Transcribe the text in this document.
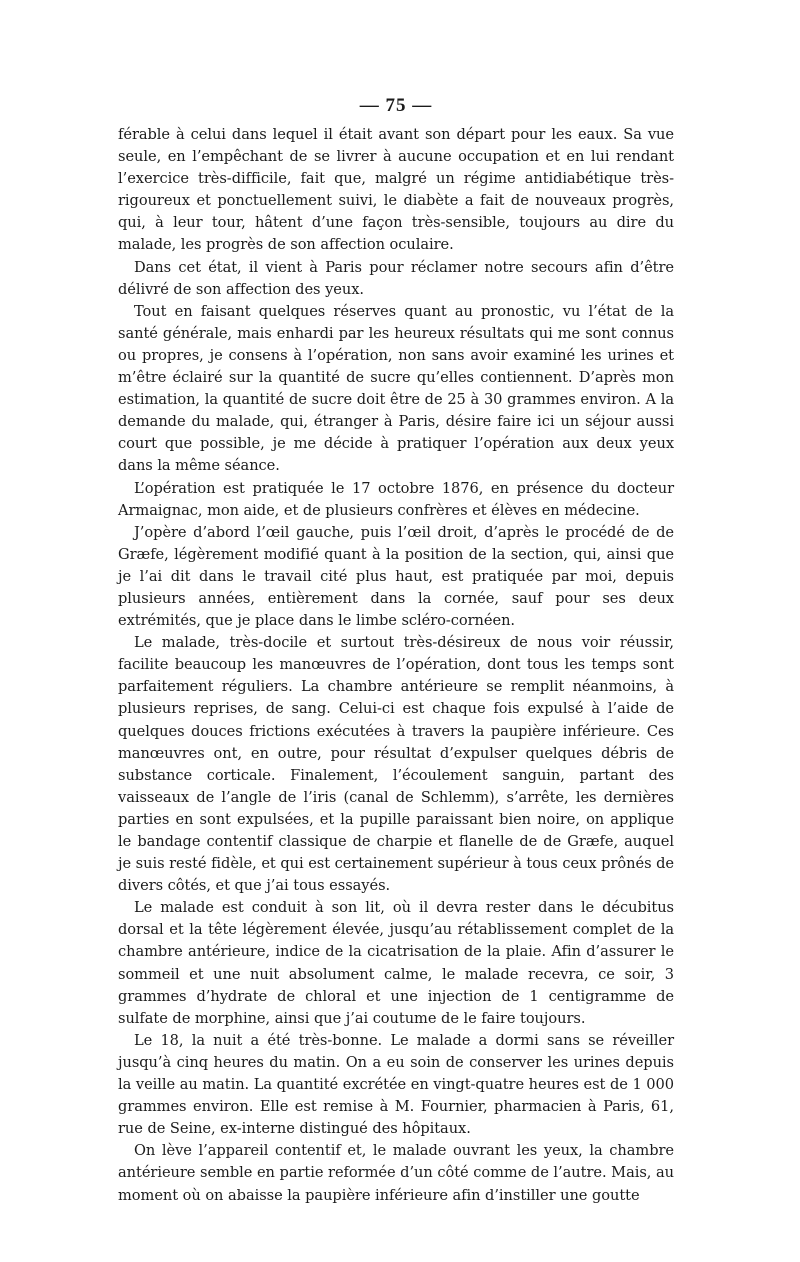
— 75 —

férable à celui dans lequel il était avant son départ pour les eaux. Sa vue seule, en l’empêchant de se livrer à aucune occupation et en lui rendant l’exercice très-difficile, fait que, malgré un régime antidiabétique très-rigoureux et ponctuellement suivi, le diabète a fait de nouveaux progrès, qui, à leur tour, hâtent d’une façon très-sensible, toujours au dire du malade, les progrès de son affection oculaire.

Dans cet état, il vient à Paris pour réclamer notre secours afin d’être délivré de son affection des yeux.

Tout en faisant quelques réserves quant au pronostic, vu l’état de la santé générale, mais enhardi par les heureux résultats qui me sont connus ou propres, je consens à l’opération, non sans avoir examiné les urines et m’être éclairé sur la quantité de sucre qu’elles contiennent. D’après mon estimation, la quantité de sucre doit être de 25 à 30 grammes environ. A la demande du malade, qui, étranger à Paris, désire faire ici un séjour aussi court que possible, je me décide à pratiquer l’opération aux deux yeux dans la même séance.

L’opération est pratiquée le 17 octobre 1876, en présence du docteur Armaignac, mon aide, et de plusieurs confrères et élèves en médecine.

J’opère d’abord l’œil gauche, puis l’œil droit, d’après le procédé de de Græfe, légèrement modifié quant à la position de la section, qui, ainsi que je l’ai dit dans le travail cité plus haut, est pratiquée par moi, depuis plusieurs années, entièrement dans la cornée, sauf pour ses deux extrémités, que je place dans le limbe scléro-cornéen.

Le malade, très-docile et surtout très-désireux de nous voir réussir, facilite beaucoup les manœuvres de l’opération, dont tous les temps sont parfaitement réguliers. La chambre antérieure se remplit néanmoins, à plusieurs reprises, de sang. Celui-ci est chaque fois expulsé à l’aide de quelques douces frictions exécutées à travers la paupière inférieure. Ces manœuvres ont, en outre, pour résultat d’expulser quelques débris de substance corticale. Finalement, l’écoulement sanguin, partant des vaisseaux de l’angle de l’iris (canal de Schlemm), s’arrête, les dernières parties en sont expulsées, et la pupille paraissant bien noire, on applique le bandage contentif classique de charpie et flanelle de de Græfe, auquel je suis resté fidèle, et qui est certainement supérieur à tous ceux prônés de divers côtés, et que j’ai tous essayés.

Le malade est conduit à son lit, où il devra rester dans le décubitus dorsal et la tête légèrement élevée, jusqu’au rétablissement complet de la chambre antérieure, indice de la cicatrisation de la plaie. Afin d’assurer le sommeil et une nuit absolument calme, le malade recevra, ce soir, 3 grammes d’hydrate de chloral et une injection de 1 centigramme de sulfate de morphine, ainsi que j’ai coutume de le faire toujours.

Le 18, la nuit a été très-bonne. Le malade a dormi sans se réveiller jusqu’à cinq heures du matin. On a eu soin de conserver les urines depuis la veille au matin. La quantité excrétée en vingt-quatre heures est de 1 000 grammes environ. Elle est remise à M. Fournier, pharmacien à Paris, 61, rue de Seine, ex-interne distingué des hôpitaux.

On lève l’appareil contentif et, le malade ouvrant les yeux, la chambre antérieure semble en partie reformée d’un côté comme de l’autre. Mais, au moment où on abaisse la paupière inférieure afin d’instiller une goutte
